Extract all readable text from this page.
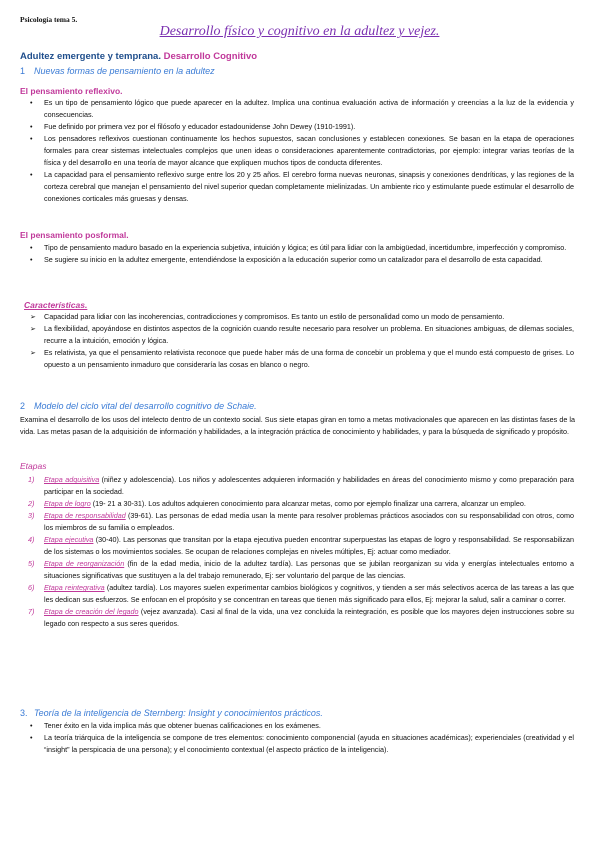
Psicología tema 5.
Desarrollo físico y cognitivo en la adultez y vejez.
Adultez emergente y temprana. Desarrollo Cognitivo
1 Nuevas formas de pensamiento en la adultez
El pensamiento reflexivo.
• Es un tipo de pensamiento lógico que puede aparecer en la adultez. Implica una continua evaluación activa de información y creencias a la luz de la evidencia y consecuencias.
• Fue definido por primera vez por el filósofo y educador estadounidense John Dewey (1910-1991).
• Los pensadores reflexivos cuestionan continuamente los hechos supuestos, sacan conclusiones y establecen conexiones. Se basan en la etapa de operaciones formales para crear sistemas intelectuales complejos que unen ideas o consideraciones aparentemente contradictorias, por ejemplo: integrar varias teorías de la física y del desarrollo en una teoría de mayor alcance que expliquen muchos tipos de conducta diferentes.
• La capacidad para el pensamiento reflexivo surge entre los 20 y 25 años. El cerebro forma nuevas neuronas, sinapsis y conexiones dendríticas, y las regiones de la corteza cerebral que manejan el pensamiento del nivel superior quedan completamente mielinizadas. Un ambiente rico y estimulante puede estimular el desarrollo de conexiones corticales más gruesas y densas.
El pensamiento posformal.
• Tipo de pensamiento maduro basado en la experiencia subjetiva, intuición y lógica; es útil para lidiar con la ambigüedad, incertidumbre, imperfección y compromiso.
• Se sugiere su inicio en la adultez emergente, entendiéndose la exposición a la educación superior como un catalizador para el desarrollo de esta capacidad.
Características.
➢ Capacidad para lidiar con las incoherencias, contradicciones y compromisos. Es tanto un estilo de personalidad como un modo de pensamiento.
➢ La flexibilidad, apoyándose en distintos aspectos de la cognición cuando resulte necesario para resolver un problema. En situaciones ambiguas, de dilemas sociales, recurre a la intuición, emoción y lógica.
➢ Es relativista, ya que el pensamiento relativista reconoce que puede haber más de una forma de concebir un problema y que el mundo está compuesto de grises. Lo opuesto a un pensamiento inmaduro que consideraría las cosas en blanco o negro.
2 Modelo del ciclo vital del desarrollo cognitivo de Schaie.
Examina el desarrollo de los usos del intelecto dentro de un contexto social. Sus siete etapas giran en torno a metas motivacionales que aparecen en las distintas fases de la vida. Las metas pasan de la adquisición de información y habilidades, a la integración práctica de conocimiento y habilidades, y para la búsqueda de significado y propósito.
Etapas
1) Etapa adquisitiva (niñez y adolescencia). Los niños y adolescentes adquieren información y habilidades en áreas del conocimiento mismo y como preparación para participar en la sociedad.
2) Etapa de logro (19- 21 a 30-31). Los adultos adquieren conocimiento para alcanzar metas, como por ejemplo finalizar una carrera, alcanzar un empleo.
3) Etapa de responsabilidad (39-61). Las personas de edad media usan la mente para resolver problemas prácticos asociados con su responsabilidad con otros, como los miembros de su familia o empleados.
4) Etapa ejecutiva (30-40). Las personas que transitan por la etapa ejecutiva pueden encontrar superpuestas las etapas de logro y responsabilidad. Se responsabilizan de los sistemas o los movimientos sociales. Se ocupan de relaciones complejas en niveles múltiples, Ej: actuar como mediador.
5) Etapa de reorganización (fin de la edad media, inicio de la adultez tardía). Las personas que se jubilan reorganizan su vida y energías intelectuales entorno a situaciones significativas que sustituyen a la del trabajo remunerado, Ej: ser voluntario del parque de las ciencias.
6) Etapa reintegrativa (adultez tardía). Los mayores suelen experimentar cambios biológicos y cognitivos, y tienden a ser más selectivos acerca de las tareas a las que les dedican sus esfuerzos. Se enfocan en el propósito y se concentran en tareas que tienen más significado para ellos, Ej: mejorar la salud, salir a caminar o correr.
7) Etapa de creación del legado (vejez avanzada). Casi al final de la vida, una vez concluida la reintegración, es posible que los mayores dejen instrucciones sobre su legado con respecto a sus seres queridos.
3. Teoría de la inteligencia de Sternberg: Insight y conocimientos prácticos.
• Tener éxito en la vida implica más que obtener buenas calificaciones en los exámenes.
• La teoría triárquica de la inteligencia se compone de tres elementos: conocimiento componencial (ayuda en situaciones académicas); experienciales (creatividad y el “insight” la perspicacia de una persona); y el conocimiento contextual (el aspecto práctico de la inteligencia).
